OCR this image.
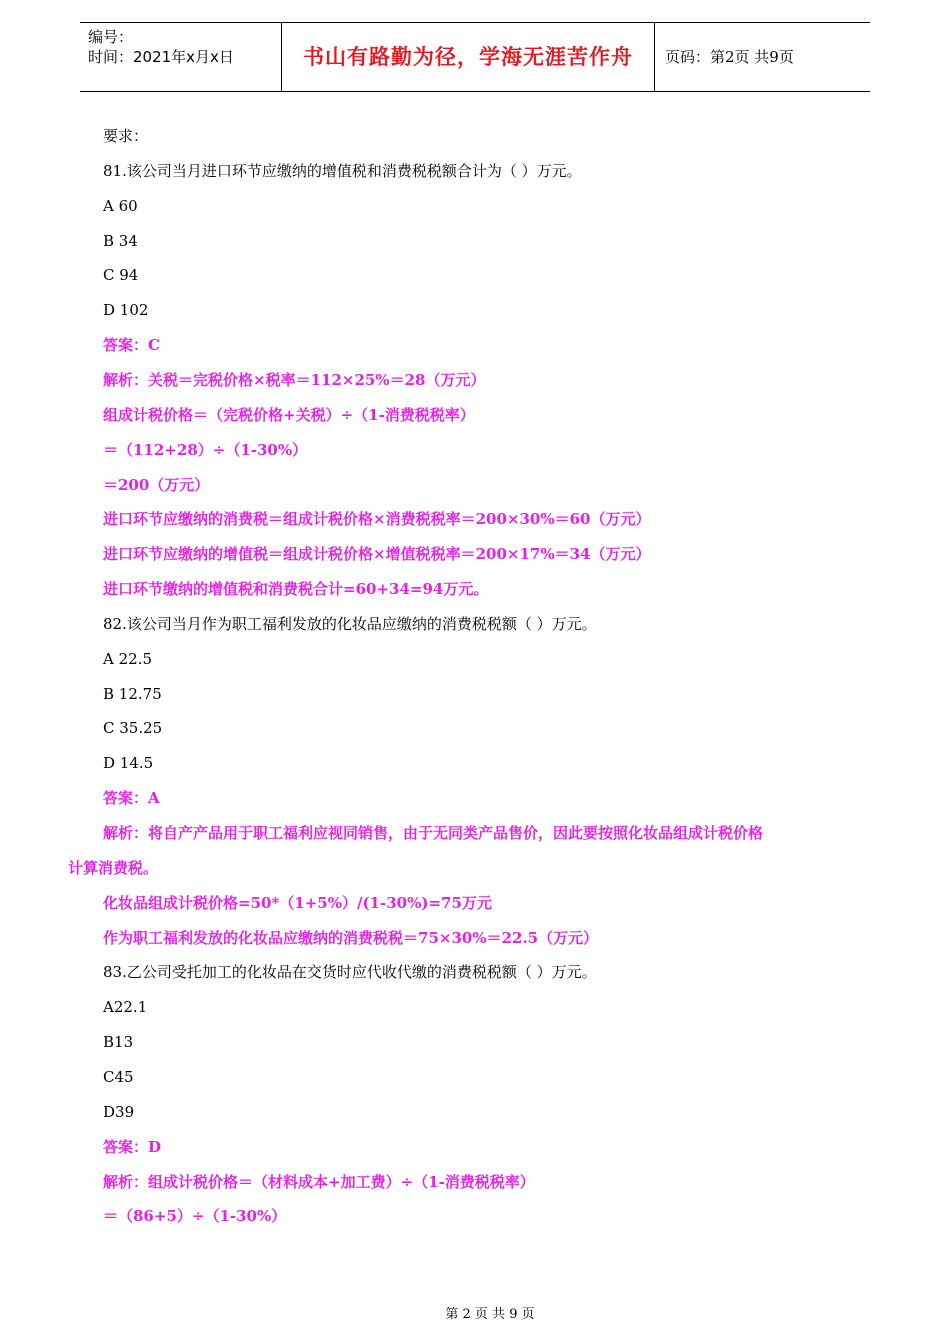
编号：
时间：2021年x月x日	书山有路勤为径，学海无涯苦作舟	页码：第2页 共9页
要求：
81.该公司当月进口环节应缴纳的增值税和消费税税额合计为（ ）万元。
A 60
B 34
C 94
D 102
答案：C
解析：关税＝完税价格×税率＝112×25%＝28（万元）
组成计税价格＝（完税价格+关税）÷（1-消费税税率）
＝（112+28）÷（1-30%）
＝200（万元）
进口环节应缴纳的消费税＝组成计税价格×消费税税率＝200×30%＝60（万元）
进口环节应缴纳的增值税＝组成计税价格×增值税税率＝200×17%＝34（万元）
进口环节缴纳的增值税和消费税合计=60+34=94万元。
82.该公司当月作为职工福利发放的化妆品应缴纳的消费税税额（ ）万元。
A 22.5
B 12.75
C 35.25
D 14.5
答案：A
解析：将自产产品用于职工福利应视同销售，由于无同类产品售价，因此要按照化妆品组成计税价格
计算消费税。
化妆品组成计税价格=50*（1+5%）/(1-30%)=75万元
作为职工福利发放的化妆品应缴纳的消费税税＝75×30%＝22.5（万元）
83.乙公司受托加工的化妆品在交货时应代收代缴的消费税税额（ ）万元。
A22.1
B13
C45
D39
答案：D
解析：组成计税价格＝（材料成本+加工费）÷（1-消费税税率）
＝（86+5）÷（1-30%）
第 2 页 共 9 页
